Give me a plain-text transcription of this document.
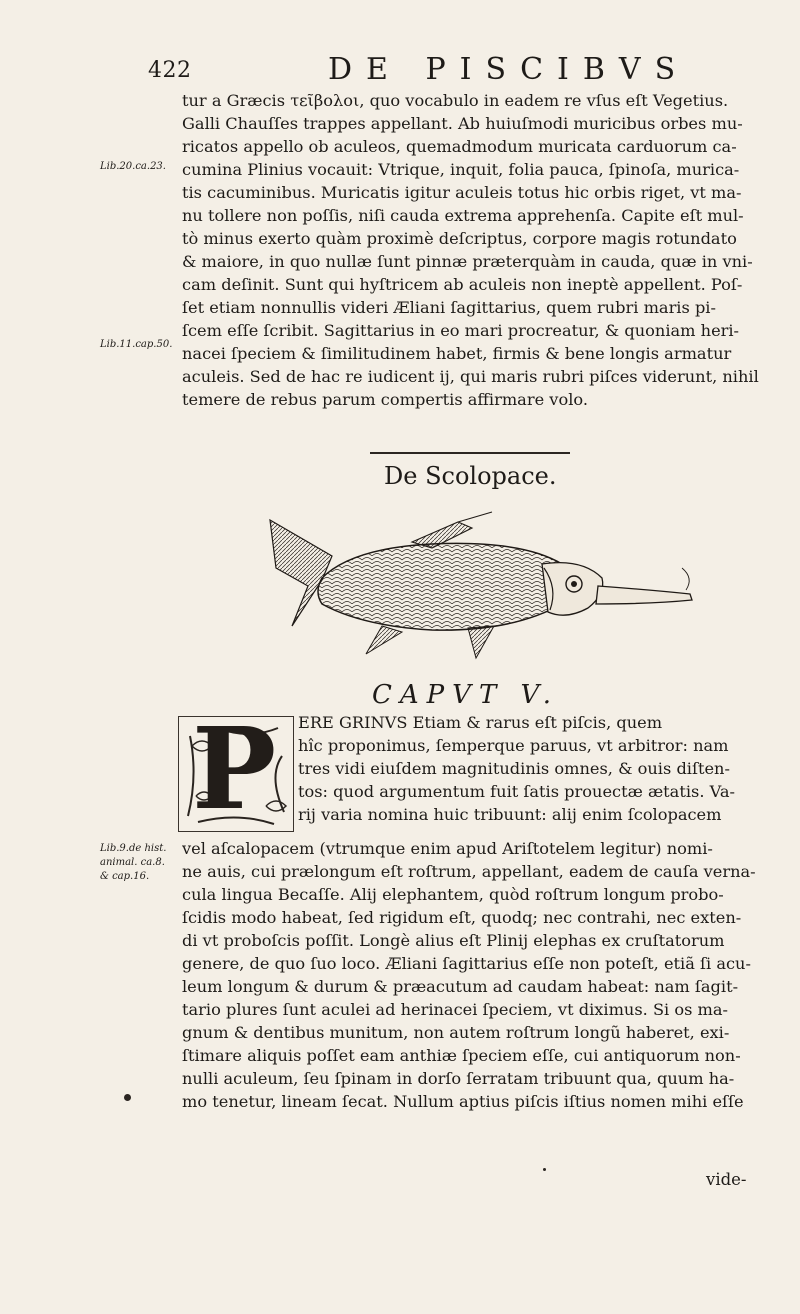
422	DE PISCIBVS
Lib.20.ca.23.
Lib.11.cap.50.
Lib.9.de hist.
animal. ca.8.
& cap.16.
tur a Græcis τεῖβολοι, quo vocabulo in eadem re vſus eſt Vegetius.
Galli Chauſſes trappes appellant. Ab huiuſmodi muricibus orbes mu-
ricatos appello ob aculeos, quemadmodum muricata carduorum ca-
cumina Plinius vocauit: Vtrique, inquit, folia pauca, ſpinoſa, murica-
tis cacuminibus. Muricatis igitur aculeis totus hic orbis riget, vt ma-
nu tollere non poſſis, niſi cauda extrema apprehenſa. Capite eſt mul-
tò minus exerto quàm proximè deſcriptus, corpore magis rotundato
& maiore, in quo nullæ ſunt pinnæ præterquàm in cauda, quæ in vni-
cam deſinit. Sunt qui hyſtricem ab aculeis non ineptè appellent. Poſ-
ſet etiam nonnullis videri Æliani ſagittarius, quem rubri maris pi-
ſcem eſſe ſcribit. Sagittarius in eo mari procreatur, & quoniam heri-
nacei ſpeciem & ſimilitudinem habet, firmis & bene longis armatur
aculeis. Sed de hac re iudicent ij, qui maris rubri piſces viderunt, nihil
temere de rebus parum compertis affirmare volo.
De Scolopace.
CAPVT V.
P ERE GRINVS Etiam & rarus eſt piſcis, quem
hîc proponimus, ſemperque paruus, vt arbitror: nam
tres vidi eiuſdem magnitudinis omnes, & ouis diſten-
tos: quod argumentum fuit ſatis prouectæ ætatis. Va-
rij varia nomina huic tribuunt: alij enim ſcolopacem
vel aſcalopacem (vtrumque enim apud Ariſtotelem legitur) nomi-
ne auis, cui prælongum eſt roſtrum, appellant, eadem de cauſa verna-
cula lingua Becaſſe. Alij elephantem, quòd roſtrum longum probo-
ſcidis modo habeat, ſed rigidum eſt, quodq; nec contrahi, nec exten-
di vt proboſcis poſſit. Longè alius eſt Plinij elephas ex cruſtatorum
genere, de quo ſuo loco. Æliani ſagittarius eſſe non poteſt, etiã ſi acu-
leum longum & durum & præacutum ad caudam habeat: nam ſagit-
tario plures ſunt aculei ad herinacei ſpeciem, vt diximus. Si os ma-
gnum & dentibus munitum, non autem roſtrum longũ haberet, exi-
ſtimare aliquis poſſet eam anthiæ ſpeciem eſſe, cui antiquorum non-
nulli aculeum, ſeu ſpinam in dorſo ſerratam tribuunt qua, quum ha-
mo tenetur, lineam ſecat. Nullum aptius piſcis iſtius nomen mihi eſſe
vide-
